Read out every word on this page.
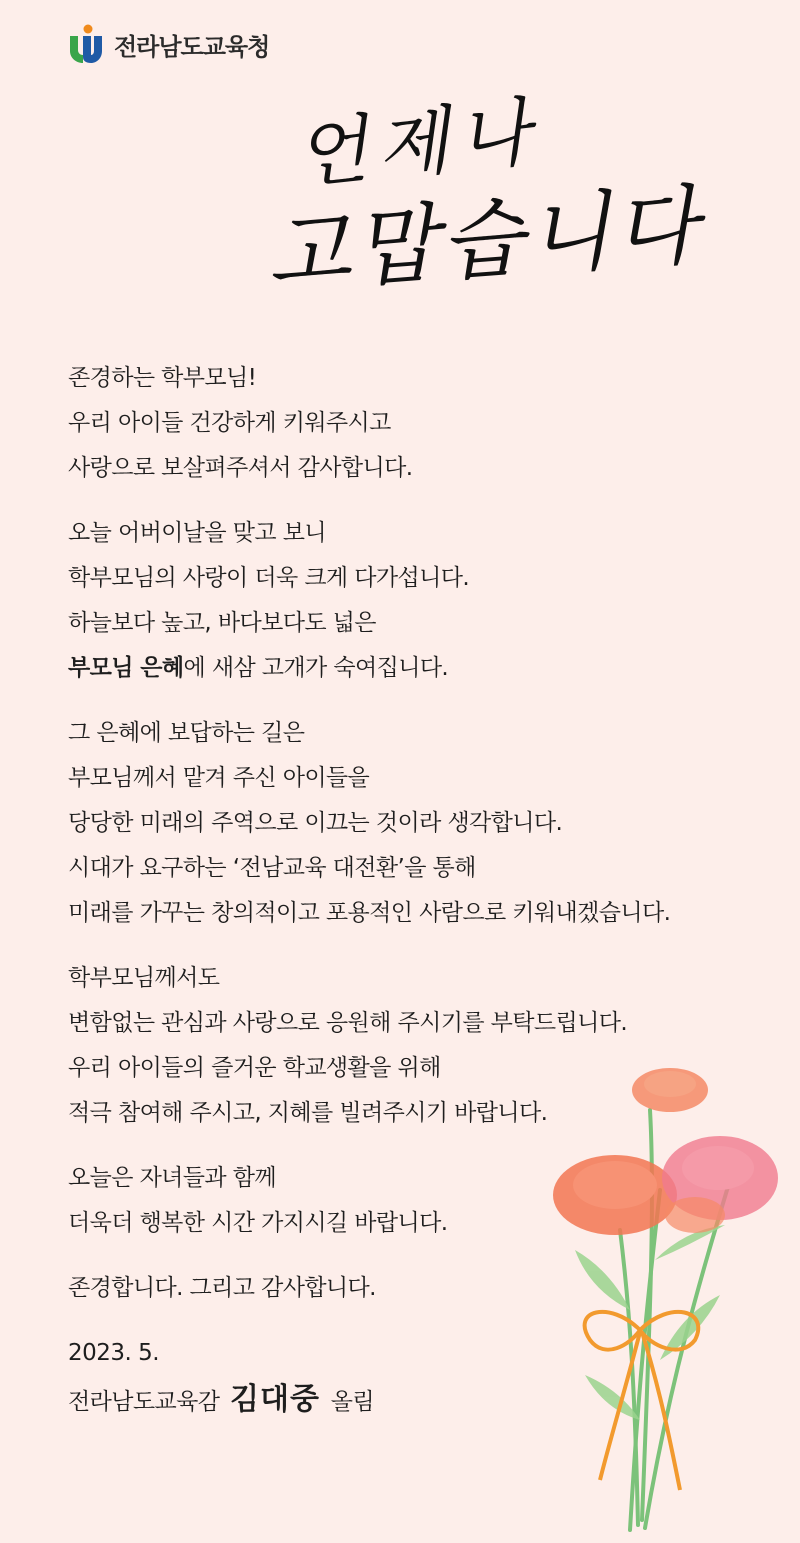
전라남도교육청
언제나
고맙습니다
존경하는 학부모님!
우리 아이들 건강하게 키워주시고
사랑으로 보살펴주셔서 감사합니다.
오늘 어버이날을 맞고 보니
학부모님의 사랑이 더욱 크게 다가섭니다.
하늘보다 높고, 바다보다도 넓은
부모님 은혜에 새삼 고개가 숙여집니다.
그 은혜에 보답하는 길은
부모님께서 맡겨 주신 아이들을
당당한 미래의 주역으로 이끄는 것이라 생각합니다.
시대가 요구하는 ‘전남교육 대전환’을 통해
미래를 가꾸는 창의적이고 포용적인 사람으로 키워내겠습니다.
학부모님께서도
변함없는 관심과 사랑으로 응원해 주시기를 부탁드립니다.
우리 아이들의 즐거운 학교생활을 위해
적극 참여해 주시고, 지혜를 빌려주시기 바랍니다.
오늘은 자녀들과 함께
더욱더 행복한 시간 가지시길 바랍니다.
존경합니다. 그리고 감사합니다.
2023. 5.
전라남도교육감 김대중 올림
